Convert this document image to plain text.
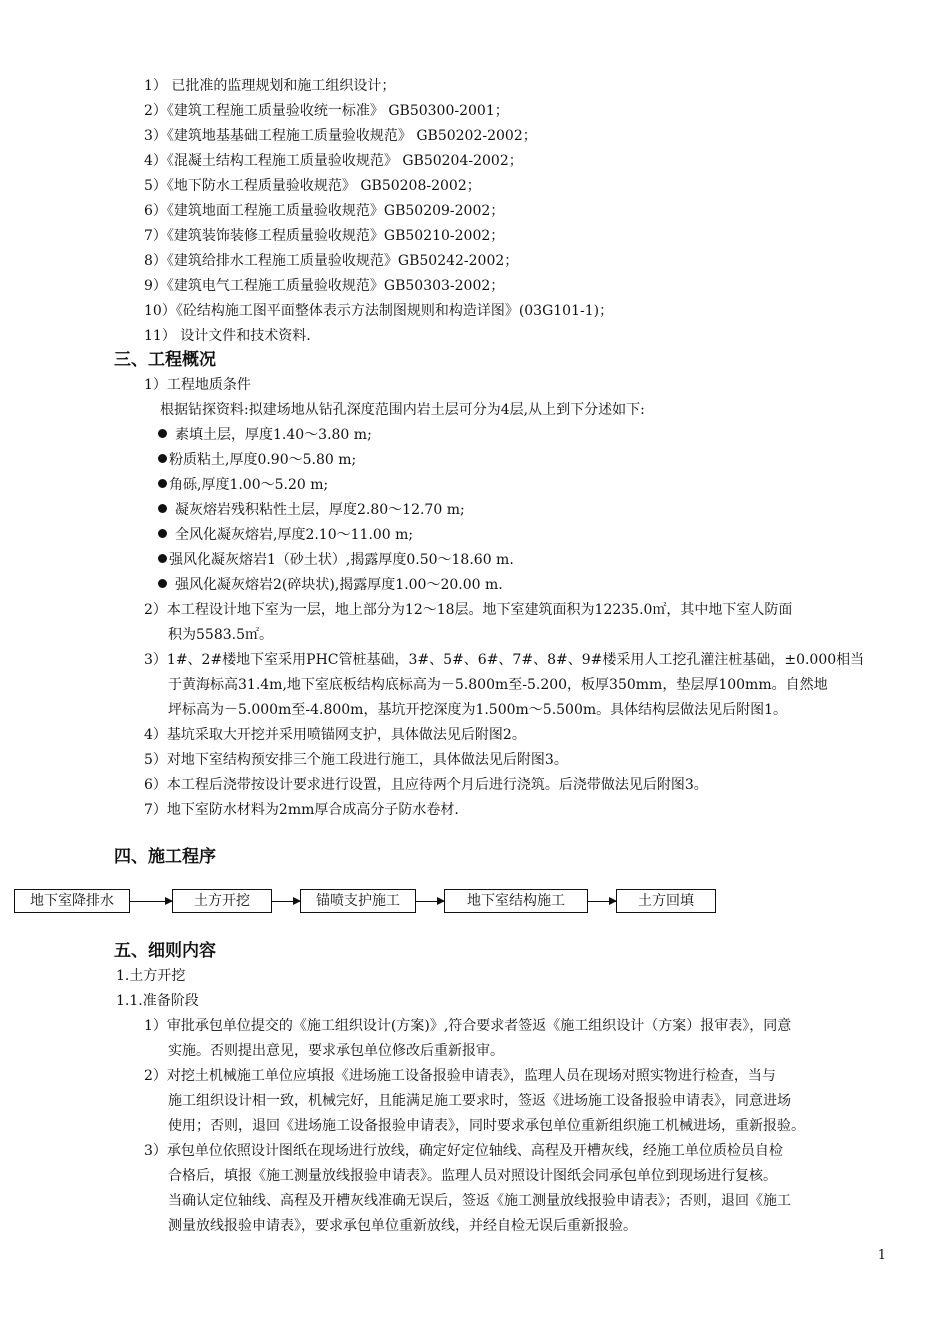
1） 已批准的监理规划和施工组织设计；
2）《建筑工程施工质量验收统一标准》 GB50300-2001；
3）《建筑地基基础工程施工质量验收规范》 GB50202-2002；
4）《混凝土结构工程施工质量验收规范》 GB50204-2002；
5）《地下防水工程质量验收规范》 GB50208-2002；
6）《建筑地面工程施工质量验收规范》GB50209-2002；
7）《建筑装饰装修工程质量验收规范》GB50210-2002；
8）《建筑给排水工程施工质量验收规范》GB50242-2002；
9）《建筑电气工程施工质量验收规范》GB50303-2002；
10）《砼结构施工图平面整体表示方法制图规则和构造详图》(03G101-1)；
11） 设计文件和技术资料.
三、工程概况
1）工程地质条件
根据钻探资料:拟建场地从钻孔深度范围内岩土层可分为4层,从上到下分述如下:
素填土层，厚度1.40～3.80 m;
粉质粘土,厚度0.90～5.80 m;
角砾,厚度1.00～5.20 m;
凝灰熔岩残积粘性土层，厚度2.80～12.70 m;
全风化凝灰熔岩,厚度2.10～11.00 m;
强风化凝灰熔岩1（砂土状）,揭露厚度0.50～18.60 m.
强风化凝灰熔岩2(碎块状),揭露厚度1.00～20.00 m.
2）本工程设计地下室为一层，地上部分为12～18层。地下室建筑面积为12235.0㎡，其中地下室人防面
积为5583.5㎡。
3）1#、2#楼地下室采用PHC管桩基础，3#、5#、6#、7#、8#、9#楼采用人工挖孔灌注桩基础，±0.000相当
于黄海标高31.4m,地下室底板结构底标高为－5.800m至-5.200，板厚350mm，垫层厚100mm。自然地
坪标高为－5.000m至-4.800m，基坑开挖深度为1.500m～5.500m。具体结构层做法见后附图1。
4）基坑采取大开挖并采用喷锚网支护，具体做法见后附图2。
5）对地下室结构预安排三个施工段进行施工，具体做法见后附图3。
6）本工程后浇带按设计要求进行设置，且应待两个月后进行浇筑。后浇带做法见后附图3。
7）地下室防水材料为2mm厚合成高分子防水卷材.
四、施工程序
地下室降排水	土方开挖	锚喷支护施工	地下室结构施工	土方回填
五、细则内容
1.土方开挖
1.1.准备阶段
1）审批承包单位提交的《施工组织设计(方案)》,符合要求者签返《施工组织设计（方案）报审表》，同意
实施。否则提出意见，要求承包单位修改后重新报审。
2）对挖土机械施工单位应填报《进场施工设备报验申请表》，监理人员在现场对照实物进行检查，当与
施工组织设计相一致，机械完好，且能满足施工要求时，签返《进场施工设备报验申请表》，同意进场
使用；否则，退回《进场施工设备报验申请表》，同时要求承包单位重新组织施工机械进场，重新报验。
3）承包单位依照设计图纸在现场进行放线，确定好定位轴线、高程及开槽灰线，经施工单位质检员自检
合格后，填报《施工测量放线报验申请表》。监理人员对照设计图纸会同承包单位到现场进行复核。
当确认定位轴线、高程及开槽灰线准确无误后，签返《施工测量放线报验申请表》；否则，退回《施工
测量放线报验申请表》，要求承包单位重新放线，并经自检无误后重新报验。
1
